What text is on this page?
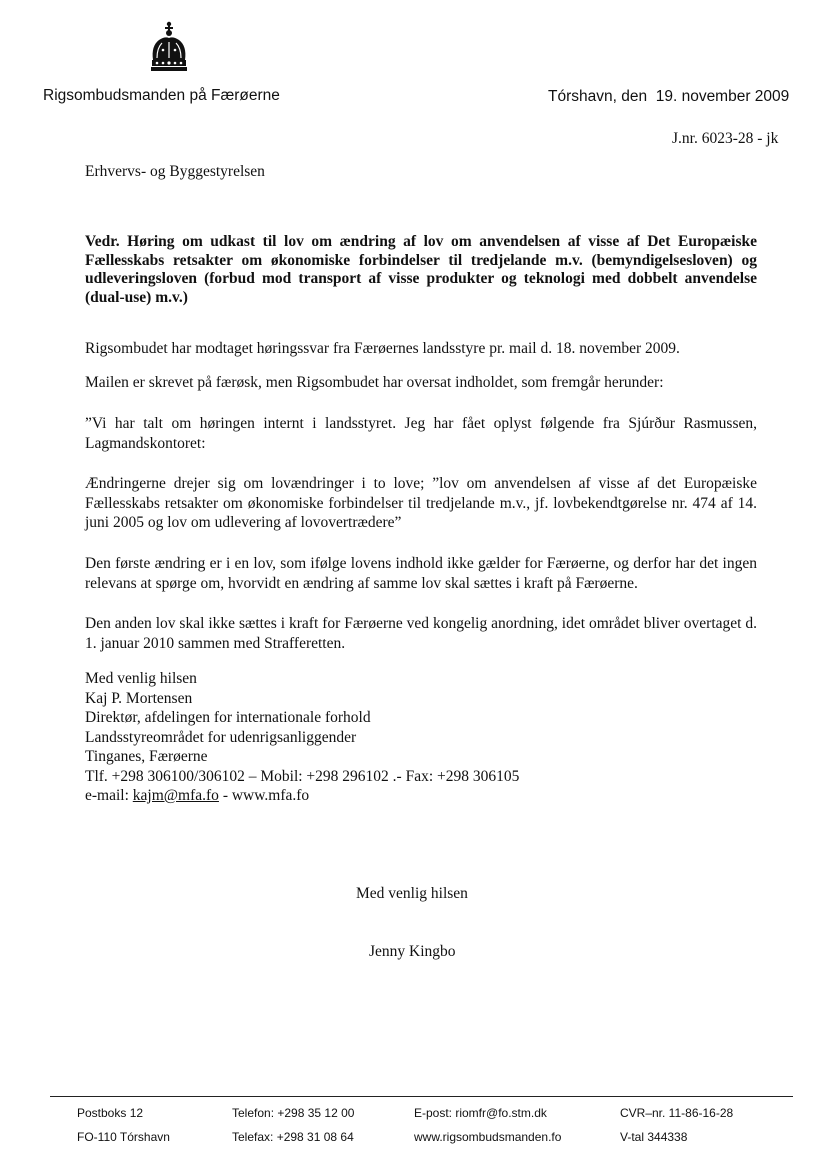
Rigsombudsmanden på Færøerne	Tórshavn, den 19. november 2009
J.nr. 6023-28 - jk
Erhvervs- og Byggestyrelsen
Vedr. Høring om udkast til lov om ændring af lov om anvendelsen af visse af Det Europæiske Fællesskabs retsakter om økonomiske forbindelser til tredjelande m.v. (bemyndigelsesloven) og udleveringsloven (forbud mod transport af visse produkter og teknologi med dobbelt anvendelse (dual-use) m.v.)
Rigsombudet har modtaget høringssvar fra Færøernes landsstyre pr. mail d. 18. november 2009.
Mailen er skrevet på færøsk, men Rigsombudet har oversat indholdet, som fremgår herunder:
”Vi har talt om høringen internt i landsstyret. Jeg har fået oplyst følgende fra Sjúrður Rasmussen, Lagmandskontoret:
Ændringerne drejer sig om lovændringer i to love; ”lov om anvendelsen af visse af det Europæiske Fællesskabs retsakter om økonomiske forbindelser til tredjelande m.v., jf. lovbekendtgørelse nr. 474 af 14. juni 2005 og lov om udlevering af lovovertrædere”
Den første ændring er i en lov, som ifølge lovens indhold ikke gælder for Færøerne, og derfor har det ingen relevans at spørge om, hvorvidt en ændring af samme lov skal sættes i kraft på Færøerne.
Den anden lov skal ikke sættes i kraft for Færøerne ved kongelig anordning, idet området bliver overtaget d. 1. januar 2010 sammen med Strafferetten.
Med venlig hilsen
Kaj P. Mortensen
Direktør, afdelingen for internationale forhold
Landsstyreområdet for udenrigsanliggender
Tinganes, Færøerne
Tlf. +298 306100/306102 – Mobil: +298 296102 .- Fax: +298 306105
e-mail: kajm@mfa.fo - www.mfa.fo
Med venlig hilsen
Jenny Kingbo
Postboks 12
FO-110 Tórshavn
Telefon: +298 35 12 00
Telefax: +298 31 08 64
E-post: riomfr@fo.stm.dk
www.rigsombudsmanden.fo
CVR–nr. 11-86-16-28
V-tal 344338
